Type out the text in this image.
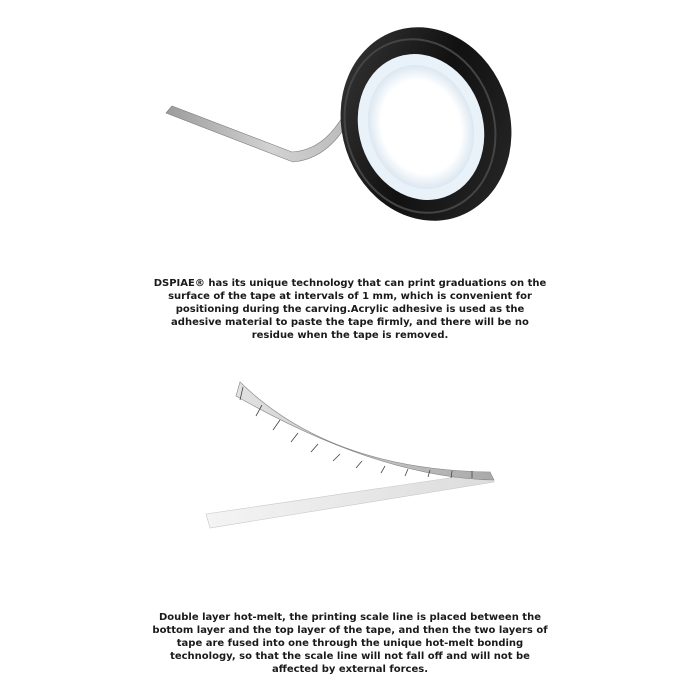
DSPIAE® has its unique technology that can print graduations on the surface of the tape at intervals of 1 mm, which is convenient for positioning during the carving.Acrylic adhesive is used as the adhesive material to paste the tape firmly, and there will be no residue when the tape is removed.

Double layer hot-melt, the printing scale line is placed between the bottom layer and the top layer of the tape, and then the two layers of tape are fused into one through the unique hot-melt bonding technology, so that the scale line will not fall off and will not be affected by external forces.
